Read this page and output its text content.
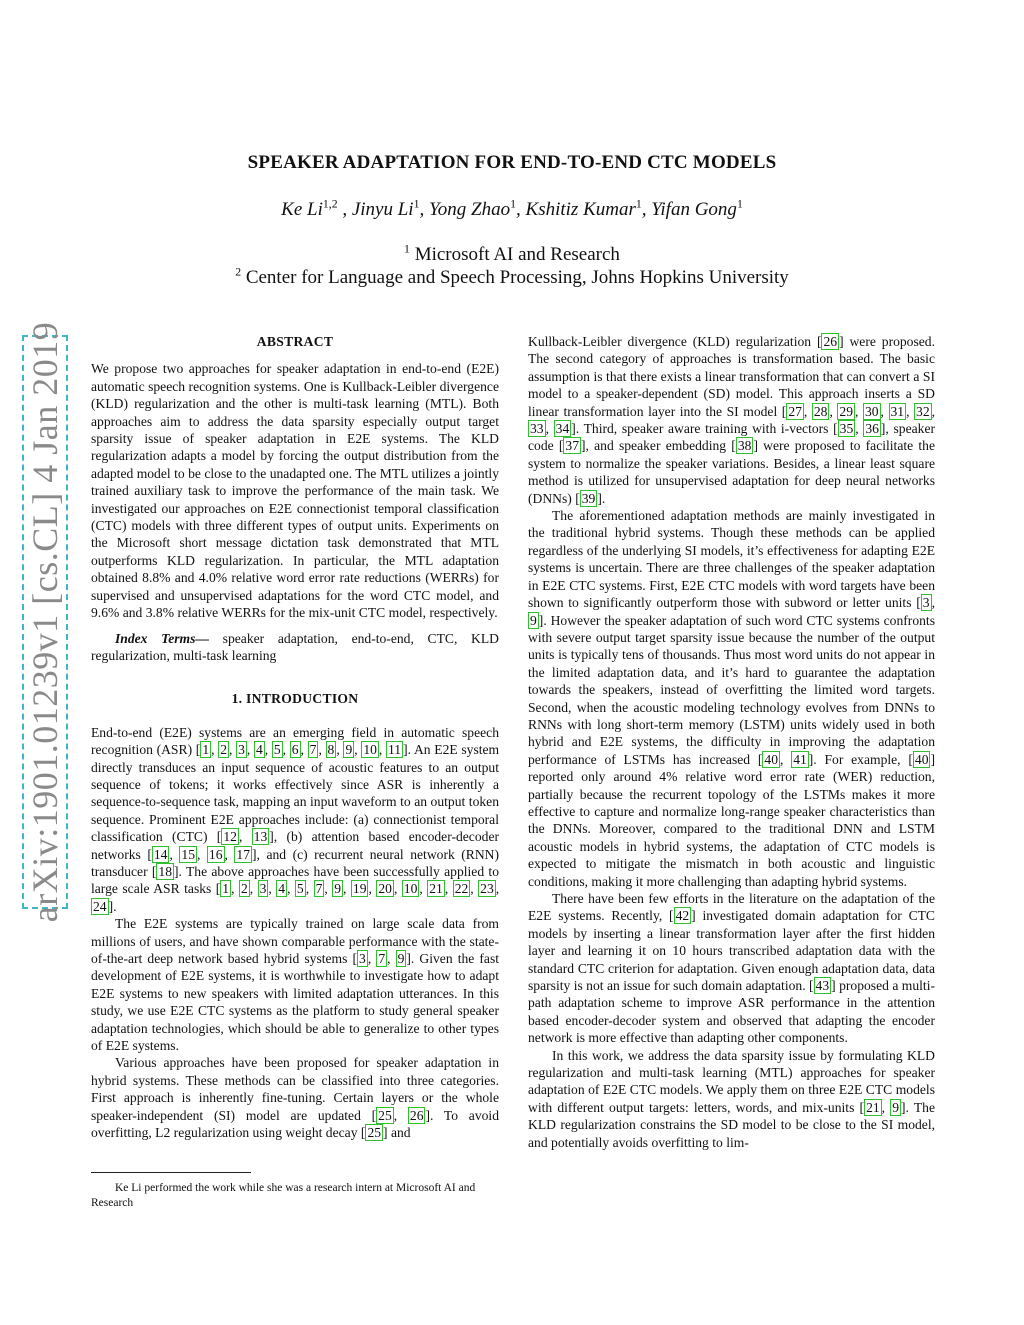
arXiv:1901.01239v1 [cs.CL] 4 Jan 2019
SPEAKER ADAPTATION FOR END-TO-END CTC MODELS
Ke Li$^{1,2}$ , Jinyu Li$^1$, Yong Zhao$^1$, Kshitiz Kumar$^1$, Yifan Gong$^1$
$^1$ Microsoft AI and Research
$^2$ Center for Language and Speech Processing, Johns Hopkins University
ABSTRACT

We propose two approaches for speaker adaptation in end-to-end (E2E) automatic speech recognition systems. One is Kullback-Leibler divergence (KLD) regularization and the other is multi-task learning (MTL). Both approaches aim to address the data sparsity especially output target sparsity issue of speaker adaptation in E2E systems. The KLD regularization adapts a model by forcing the output distribution from the adapted model to be close to the unadapted one. The MTL utilizes a jointly trained auxiliary task to improve the performance of the main task. We investigated our approaches on E2E connectionist temporal classification (CTC) models with three different types of output units. Experiments on the Microsoft short message dictation task demonstrated that MTL outperforms KLD regularization. In particular, the MTL adaptation obtained 8.8% and 4.0% relative word error rate reductions (WERRs) for supervised and unsupervised adaptations for the word CTC model, and 9.6% and 3.8% relative WERRs for the mix-unit CTC model, respectively.

Index Terms— speaker adaptation, end-to-end, CTC, KLD regularization, multi-task learning

1. INTRODUCTION

End-to-end (E2E) systems are an emerging field in automatic speech recognition (ASR) [ 1 , 2 , 3 , 4 , 5 , 6 , 7 , 8 , 9 , 10 , 11 ]. An E2E system directly transduces an input sequence of acoustic features to an output sequence of tokens; it works effectively since ASR is inherently a sequence-to-sequence task, mapping an input waveform to an output token sequence. Prominent E2E approaches include: (a) connectionist temporal classification (CTC) [ 12 , 13 ], (b) attention based encoder-decoder networks [ 14 , 15 , 16 , 17 ], and (c) recurrent neural network (RNN) transducer [ 18 ]. The above approaches have been successfully applied to large scale ASR tasks [ 1 , 2 , 3 , 4 , 5 , 7 , 9 , 19 , 20 , 10 , 21 , 22 , 23 , 24 ].

The E2E systems are typically trained on large scale data from millions of users, and have shown comparable performance with the state-of-the-art deep network based hybrid systems [ 3 , 7 , 9 ]. Given the fast development of E2E systems, it is worthwhile to investigate how to adapt E2E systems to new speakers with limited adaptation utterances. In this study, we use E2E CTC systems as the platform to study general speaker adaptation technologies, which should be able to generalize to other types of E2E systems.

Various approaches have been proposed for speaker adaptation in hybrid systems. These methods can be classified into three categories. First approach is inherently fine-tuning. Certain layers or the whole speaker-independent (SI) model are updated [ 25 , 26 ]. To avoid overfitting, L2 regularization using weight decay [ 25 ] and

Ke Li performed the work while she was a research intern at Microsoft AI and Research

Kullback-Leibler divergence (KLD) regularization [ 26 ] were proposed. The second category of approaches is transformation based. The basic assumption is that there exists a linear transformation that can convert a SI model to a speaker-dependent (SD) model. This approach inserts a SD linear transformation layer into the SI model [ 27 , 28 , 29 , 30 , 31 , 32 , 33 , 34 ]. Third, speaker aware training with i-vectors [ 35 , 36 ], speaker code [ 37 ], and speaker embedding [ 38 ] were proposed to facilitate the system to normalize the speaker variations. Besides, a linear least square method is utilized for unsupervised adaptation for deep neural networks (DNNs) [ 39 ].

The aforementioned adaptation methods are mainly investigated in the traditional hybrid systems. Though these methods can be applied regardless of the underlying SI models, it’s effectiveness for adapting E2E systems is uncertain. There are three challenges of the speaker adaptation in E2E CTC systems. First, E2E CTC models with word targets have been shown to significantly outperform those with subword or letter units [ 3 , 9 ]. However the speaker adaptation of such word CTC systems confronts with severe output target sparsity issue because the number of the output units is typically tens of thousands. Thus most word units do not appear in the limited adaptation data, and it’s hard to guarantee the adaptation towards the speakers, instead of overfitting the limited word targets. Second, when the acoustic modeling technology evolves from DNNs to RNNs with long short-term memory (LSTM) units widely used in both hybrid and E2E systems, the difficulty in improving the adaptation performance of LSTMs has increased [ 40 , 41 ]. For example, [ 40 ] reported only around 4% relative word error rate (WER) reduction, partially because the recurrent topology of the LSTMs makes it more effective to capture and normalize long-range speaker characteristics than the DNNs. Moreover, compared to the traditional DNN and LSTM acoustic models in hybrid systems, the adaptation of CTC models is expected to mitigate the mismatch in both acoustic and linguistic conditions, making it more challenging than adapting hybrid systems.

There have been few efforts in the literature on the adaptation of the E2E systems. Recently, [ 42 ] investigated domain adaptation for CTC models by inserting a linear transformation layer after the first hidden layer and learning it on 10 hours transcribed adaptation data with the standard CTC criterion for adaptation. Given enough adaptation data, data sparsity is not an issue for such domain adaptation. [ 43 ] proposed a multi-path adaptation scheme to improve ASR performance in the attention based encoder-decoder system and observed that adapting the encoder network is more effective than adapting other components.

In this work, we address the data sparsity issue by formulating KLD regularization and multi-task learning (MTL) approaches for speaker adaptation of E2E CTC models. We apply them on three E2E CTC models with different output targets: letters, words, and mix-units [ 21 , 9 ]. The KLD regularization constrains the SD model to be close to the SI model, and potentially avoids overfitting to lim-
